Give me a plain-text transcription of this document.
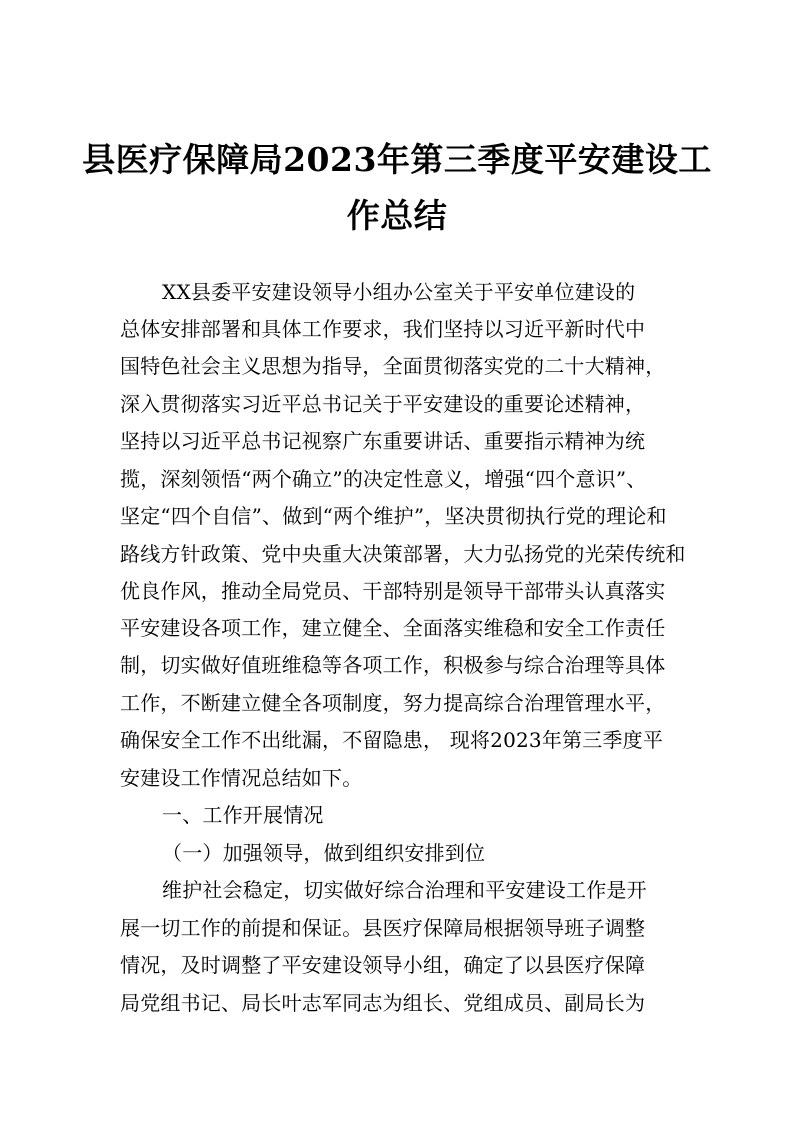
县医疗保障局2023年第三季度平安建设工
作总结
XX县委平安建设领导小组办公室关于平安单位建设的
总体安排部署和具体工作要求，我们坚持以习近平新时代中
国特色社会主义思想为指导，全面贯彻落实党的二十大精神，
深入贯彻落实习近平总书记关于平安建设的重要论述精神，
坚持以习近平总书记视察广东重要讲话、重要指示精神为统
揽，深刻领悟“两个确立”的决定性意义，增强“四个意识”、
坚定“四个自信”、做到“两个维护”，坚决贯彻执行党的理论和
路线方针政策、党中央重大决策部署，大力弘扬党的光荣传统和
优良作风，推动全局党员、干部特别是领导干部带头认真落实
平安建设各项工作，建立健全、全面落实维稳和安全工作责任
制，切实做好值班维稳等各项工作，积极参与综合治理等具体
工作，不断建立健全各项制度，努力提高综合治理管理水平，
确保安全工作不出纰漏，不留隐患， 现将2023年第三季度平
安建设工作情况总结如下。
一、工作开展情况
（一）加强领导，做到组织安排到位
维护社会稳定，切实做好综合治理和平安建设工作是开
展一切工作的前提和保证。县医疗保障局根据领导班子调整
情况，及时调整了平安建设领导小组，确定了以县医疗保障
局党组书记、局长叶志军同志为组长、党组成员、副局长为
